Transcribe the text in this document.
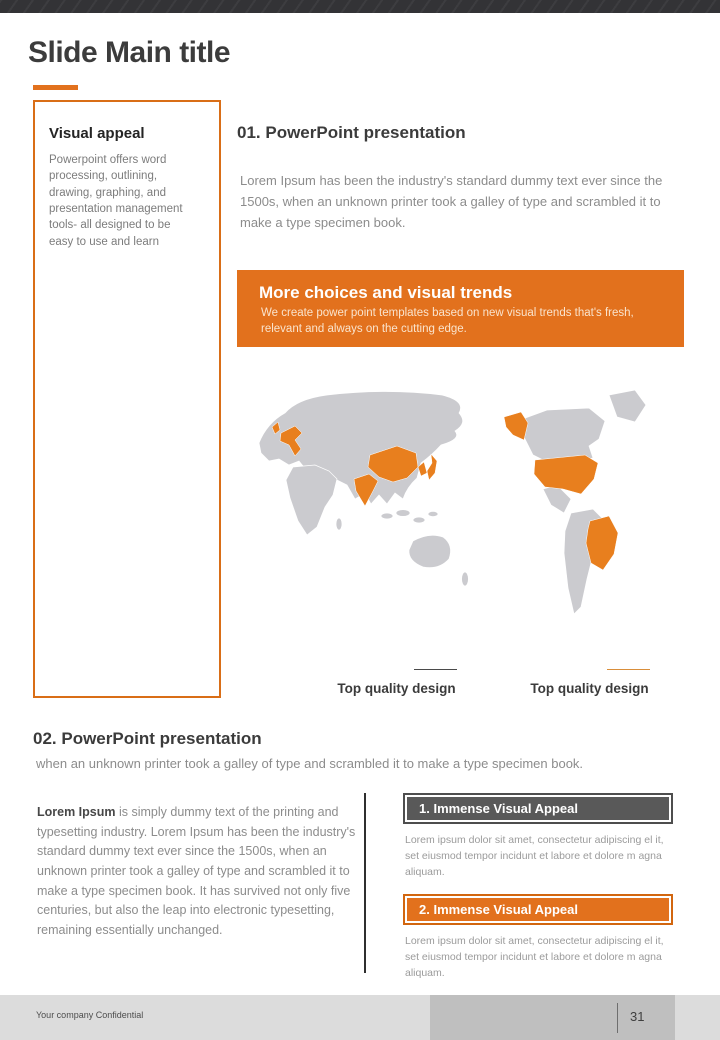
Slide Main title
Visual appeal

Powerpoint offers word processing, outlining, drawing, graphing, and presentation management tools- all designed to be easy to use and learn

01. PowerPoint presentation

Lorem Ipsum has been the industry's standard dummy text ever since the 1500s, when an unknown printer took a galley of type and scrambled it to make a type specimen book.

More choices and visual trends

We create power point templates based on new visual trends that's fresh, relevant and always on the cutting edge.

Top quality design	Top quality design
02. PowerPoint presentation

when an unknown printer took a galley of type and scrambled it to make a type specimen book.

Lorem Ipsum is simply dummy text of the printing and typesetting industry. Lorem Ipsum has been the industry's standard dummy text ever since the 1500s, when an unknown printer took a galley of type and scrambled it to make a type specimen book. It has survived not only five centuries, but also the leap into electronic typesetting, remaining essentially unchanged.

1. Immense Visual Appeal

Lorem ipsum dolor sit amet, consectetur adipiscing el it, set eiusmod tempor incidunt et labore et dolore m agna aliquam.

2. Immense Visual Appeal

Lorem ipsum dolor sit amet, consectetur adipiscing el it, set eiusmod tempor incidunt et labore et dolore m agna aliquam.

Your company Confidential	31
